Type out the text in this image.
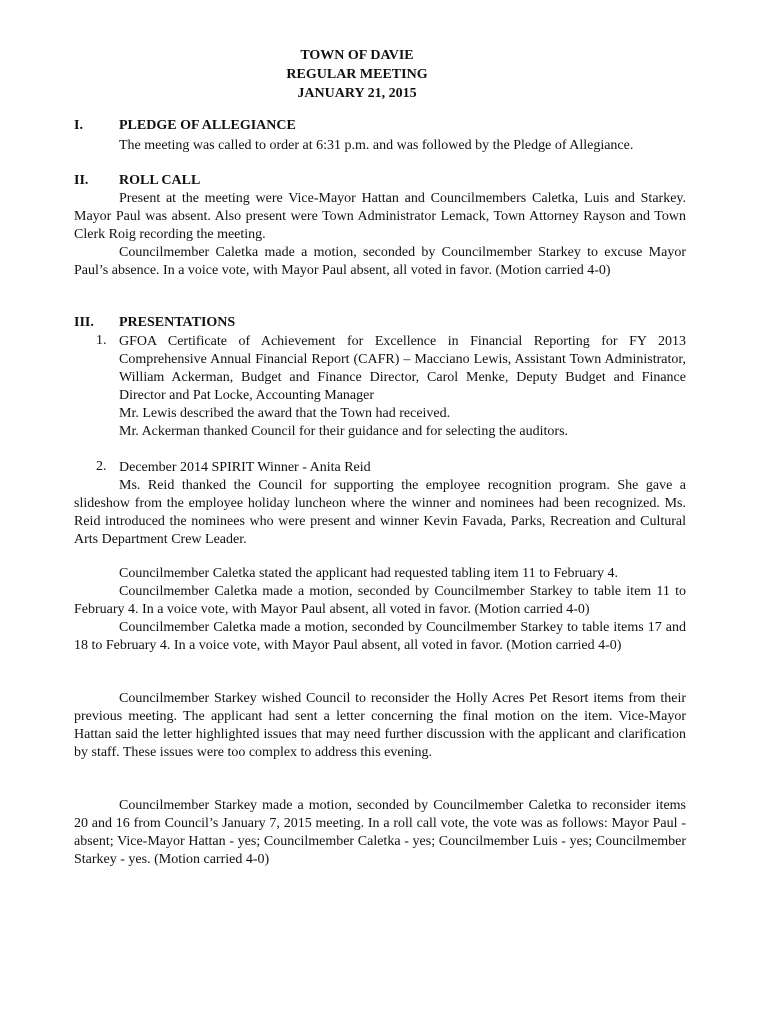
TOWN OF DAVIE
REGULAR MEETING
JANUARY 21, 2015
I.	PLEDGE OF ALLEGIANCE
The meeting was called to order at 6:31 p.m. and was followed by the Pledge of Allegiance.
II. ROLL CALL
Present at the meeting were Vice-Mayor Hattan and Councilmembers Caletka, Luis and Starkey. Mayor Paul was absent. Also present were Town Administrator Lemack, Town Attorney Rayson and Town Clerk Roig recording the meeting.
Councilmember Caletka made a motion, seconded by Councilmember Starkey to excuse Mayor Paul’s absence. In a voice vote, with Mayor Paul absent, all voted in favor. (Motion carried 4-0)
III. PRESENTATIONS
1. GFOA Certificate of Achievement for Excellence in Financial Reporting for FY 2013 Comprehensive Annual Financial Report (CAFR) – Macciano Lewis, Assistant Town Administrator, William Ackerman, Budget and Finance Director, Carol Menke, Deputy Budget and Finance Director and Pat Locke, Accounting Manager
Mr. Lewis described the award that the Town had received.
Mr. Ackerman thanked Council for their guidance and for selecting the auditors.
2. December 2014 SPIRIT Winner - Anita Reid
Ms. Reid thanked the Council for supporting the employee recognition program. She gave a slideshow from the employee holiday luncheon where the winner and nominees had been recognized. Ms. Reid introduced the nominees who were present and winner Kevin Favada, Parks, Recreation and Cultural Arts Department Crew Leader.
Councilmember Caletka stated the applicant had requested tabling item 11 to February 4.
Councilmember Caletka made a motion, seconded by Councilmember Starkey to table item 11 to February 4. In a voice vote, with Mayor Paul absent, all voted in favor. (Motion carried 4-0)
Councilmember Caletka made a motion, seconded by Councilmember Starkey to table items 17 and 18 to February 4. In a voice vote, with Mayor Paul absent, all voted in favor. (Motion carried 4-0)
Councilmember Starkey wished Council to reconsider the Holly Acres Pet Resort items from their previous meeting. The applicant had sent a letter concerning the final motion on the item. Vice-Mayor Hattan said the letter highlighted issues that may need further discussion with the applicant and clarification by staff. These issues were too complex to address this evening.
Councilmember Starkey made a motion, seconded by Councilmember Caletka to reconsider items 20 and 16 from Council’s January 7, 2015 meeting. In a roll call vote, the vote was as follows: Mayor Paul - absent; Vice-Mayor Hattan - yes; Councilmember Caletka - yes; Councilmember Luis - yes; Councilmember Starkey - yes. (Motion carried 4-0)
